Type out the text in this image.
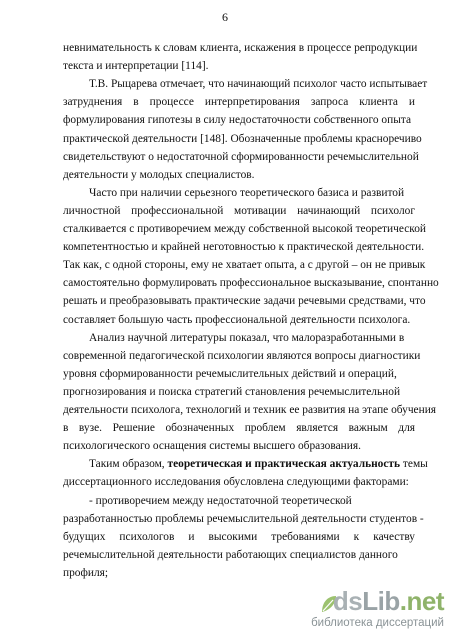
6
невнимательность к словам клиента, искажения в процессе репродукции
текста и интерпретации [114].
Т.В. Рыцарева отмечает, что начинающий психолог часто испытывает
затруднения в процессе интерпретирования запроса клиента и
формулирования гипотезы в силу недостаточности собственного опыта
практической деятельности [148]. Обозначенные проблемы красноречиво
свидетельствуют о недостаточной сформированности речемыслительной
деятельности у молодых специалистов.
Часто при наличии серьезного теоретического базиса и развитой
личностной профессиональной мотивации начинающий психолог
сталкивается с противоречием между собственной высокой теоретической
компетентностью и крайней неготовностью к практической деятельности.
Так как, с одной стороны, ему не хватает опыта, а с другой – он не привык
самостоятельно формулировать профессиональное высказывание, спонтанно
решать и преобразовывать практические задачи речевыми средствами, что
составляет большую часть профессиональной деятельности психолога.
Анализ научной литературы показал, что малоразработанными в
современной педагогической психологии являются вопросы диагностики
уровня сформированности речемыслительных действий и операций,
прогнозирования и поиска стратегий становления речемыслительной
деятельности психолога, технологий и техник ее развития на этапе обучения
в вузе. Решение обозначенных проблем является важным для
психологического оснащения системы высшего образования.
Таким образом, теоретическая и практическая актуальность темы
диссертационного исследования обусловлена следующими факторами:
- противоречием между недостаточной теоретической
разработанностью проблемы речемыслительной деятельности студентов -
будущих психологов и высокими требованиями к качеству
речемыслительной деятельности работающих специалистов данного
профиля;
dsLib.net
библиотека диссертаций
